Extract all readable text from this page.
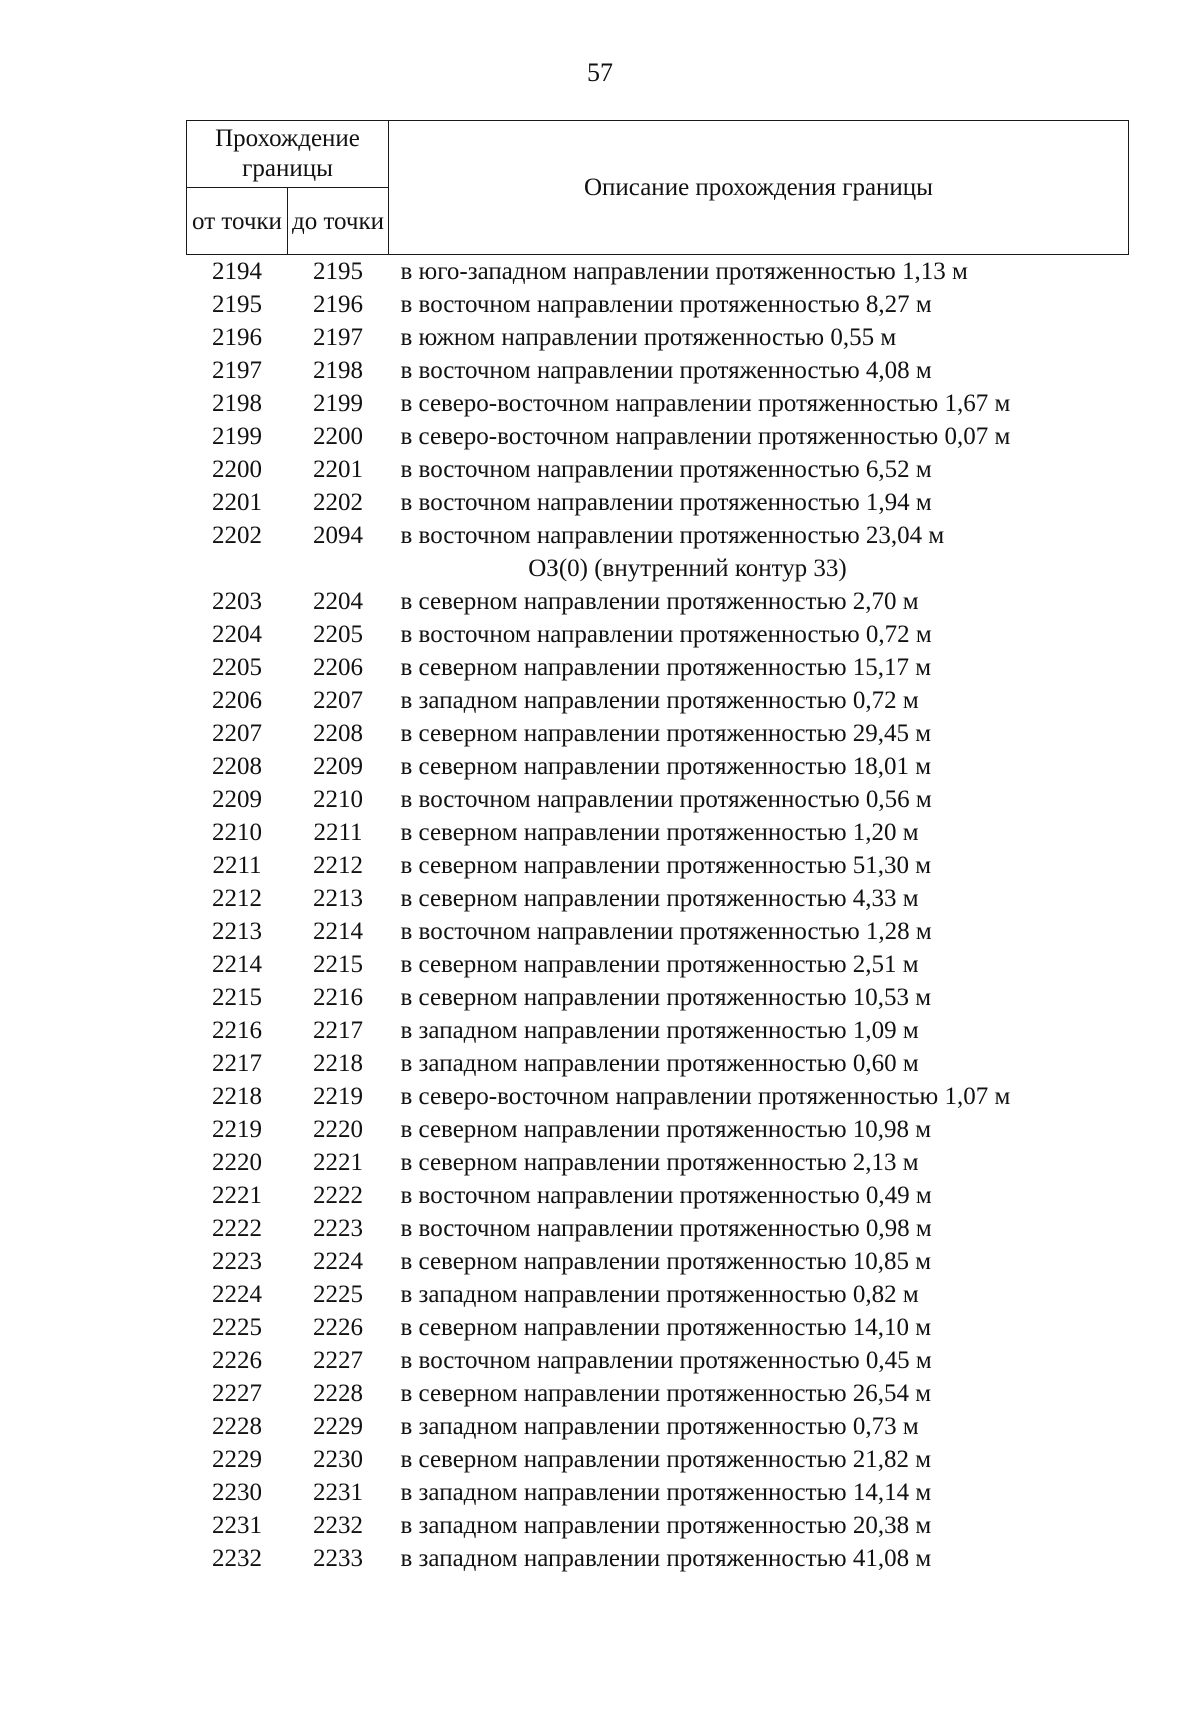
57
Прохождение границы		Описание прохождения границы
от точки	до точки	
2194	2195	в юго-западном направлении протяженностью 1,13 м
2195	2196	в восточном направлении протяженностью 8,27 м
2196	2197	в южном направлении протяженностью 0,55 м
2197	2198	в восточном направлении протяженностью 4,08 м
2198	2199	в северо-восточном направлении протяженностью 1,67 м
2199	2200	в северо-восточном направлении протяженностью 0,07 м
2200	2201	в восточном направлении протяженностью 6,52 м
2201	2202	в восточном направлении протяженностью 1,94 м
2202	2094	в восточном направлении протяженностью 23,04 м
ОЗ(0) (внутренний контур 33)		
2203	2204	в северном направлении протяженностью 2,70 м
2204	2205	в восточном направлении протяженностью 0,72 м
2205	2206	в северном направлении протяженностью 15,17 м
2206	2207	в западном направлении протяженностью 0,72 м
2207	2208	в северном направлении протяженностью 29,45 м
2208	2209	в северном направлении протяженностью 18,01 м
2209	2210	в восточном направлении протяженностью 0,56 м
2210	2211	в северном направлении протяженностью 1,20 м
2211	2212	в северном направлении протяженностью 51,30 м
2212	2213	в северном направлении протяженностью 4,33 м
2213	2214	в восточном направлении протяженностью 1,28 м
2214	2215	в северном направлении протяженностью 2,51 м
2215	2216	в северном направлении протяженностью 10,53 м
2216	2217	в западном направлении протяженностью 1,09 м
2217	2218	в западном направлении протяженностью 0,60 м
2218	2219	в северо-восточном направлении протяженностью 1,07 м
2219	2220	в северном направлении протяженностью 10,98 м
2220	2221	в северном направлении протяженностью 2,13 м
2221	2222	в восточном направлении протяженностью 0,49 м
2222	2223	в восточном направлении протяженностью 0,98 м
2223	2224	в северном направлении протяженностью 10,85 м
2224	2225	в западном направлении протяженностью 0,82 м
2225	2226	в северном направлении протяженностью 14,10 м
2226	2227	в восточном направлении протяженностью 0,45 м
2227	2228	в северном направлении протяженностью 26,54 м
2228	2229	в западном направлении протяженностью 0,73 м
2229	2230	в северном направлении протяженностью 21,82 м
2230	2231	в западном направлении протяженностью 14,14 м
2231	2232	в западном направлении протяженностью 20,38 м
2232	2233	в западном направлении протяженностью 41,08 м
